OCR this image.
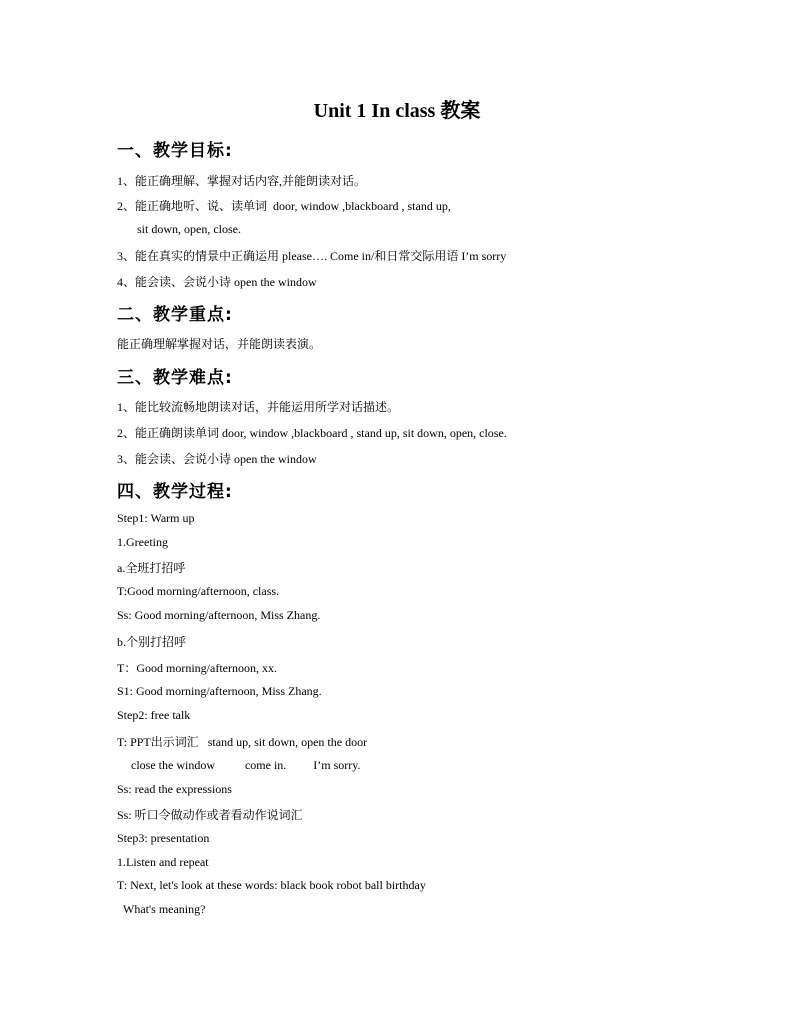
Unit 1 In class 教案
一、教学目标:
1、能正确理解、掌握对话内容,并能朗读对话。
2、能正确地听、说、读单词  door, window ,blackboard , stand up,
sit down, open, close.
3、能在真实的情景中正确运用 please…. Come in/和日常交际用语 I’m sorry
4、能会读、会说小诗 open the window
二、教学重点:
能正确理解掌握对话，并能朗读表演。
三、教学难点:
1、能比较流畅地朗读对话，并能运用所学对话描述。
2、能正确朗读单词 door, window ,blackboard , stand up, sit down, open, close.
3、能会读、会说小诗 open the window
四、教学过程:
Step1: Warm up
1.Greeting
a.全班打招呼
T:Good morning/afternoon, class.
Ss: Good morning/afternoon, Miss Zhang.
b.个别打招呼
T：Good morning/afternoon, xx.
S1: Good morning/afternoon, Miss Zhang.
Step2: free talk
T: PPT出示词汇   stand up, sit down, open the door
close the window          come in.         I’m sorry.
Ss: read the expressions
Ss: 听口令做动作或者看动作说词汇
Step3: presentation
1.Listen and repeat
T: Next, let's look at these words: black book robot ball birthday
What's meaning?
